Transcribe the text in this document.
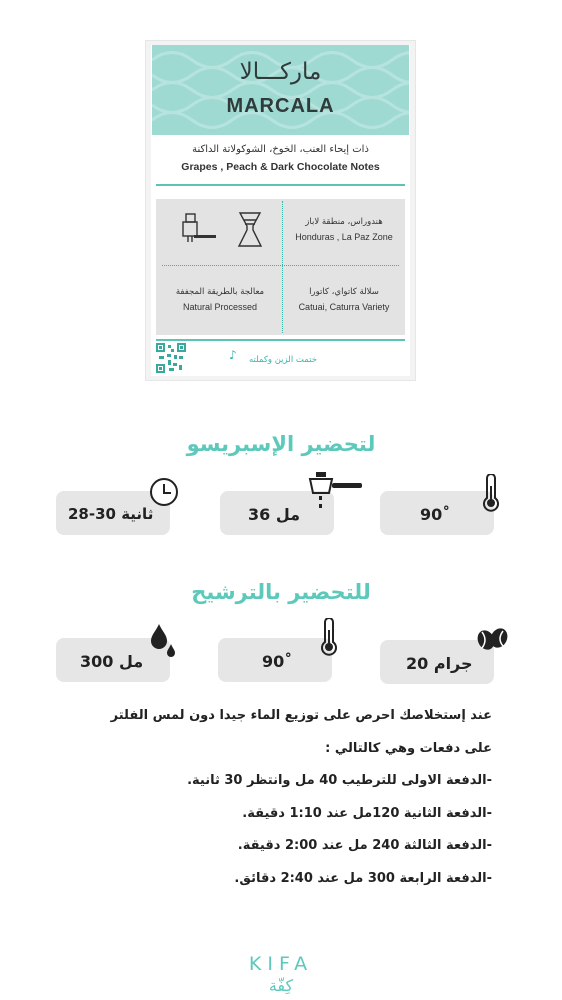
ماركـــالا
MARCALA
ذات إيحاء العنب، الخوخ، الشوكولاتة الداكنة
Grapes , Peach & Dark Chocolate Notes
هندوراس، منطقة لاباز
Honduras , La Paz Zone
سلالة كاتواي، كاتورا
Catuai, Caturra Variety
معالجة بالطريقة المجففة
Natural Processed
♪ ختمت الزين وكملته
لتحضير الإسبريسو
90˚
36 مل
28-30 ثانية
للتحضير بالترشيح
20 جرام
90˚
300 مل
عند إستخلاصك احرص على توزيع الماء جيدا دون لمس الفلتر
على دفعات وهي كالتالي :
-الدفعة الاولى للترطيب 40 مل وانتظر 30 ثانية.
-الدفعة الثانية 120مل عند 1:10 دقيقة.
-الدفعة الثالثة 240 مل عند 2:00 دقيقة.
-الدفعة الرابعة 300 مل عند 2:40 دقائق.
KIFA
كِفّة
